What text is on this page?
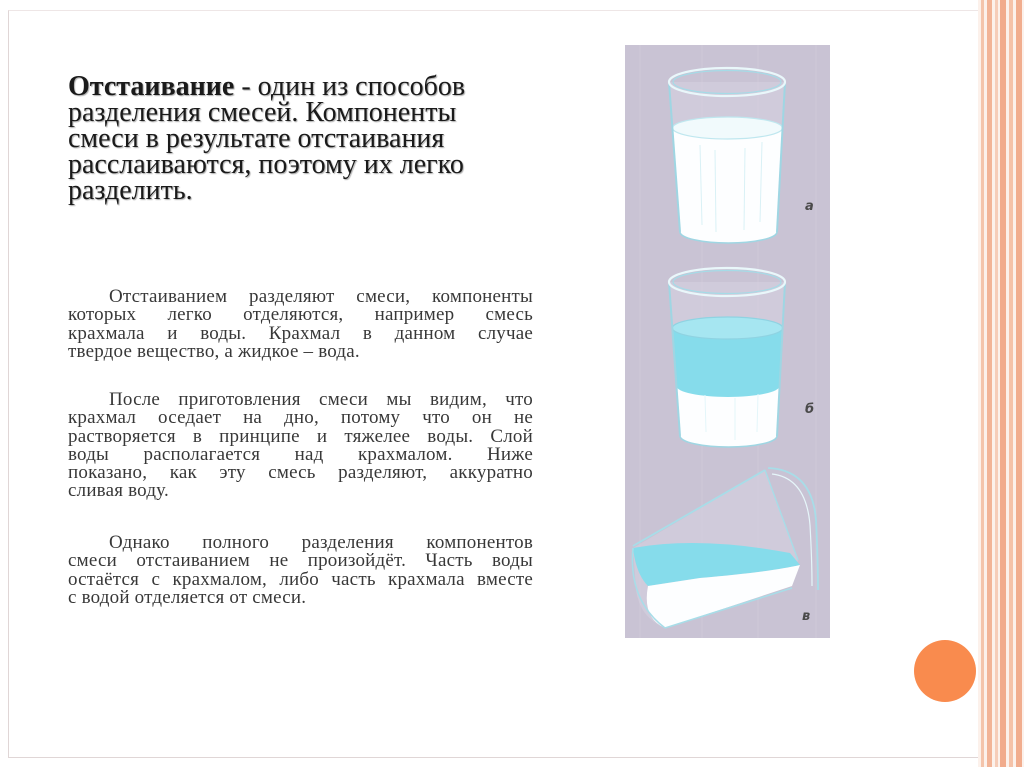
Отстаивание - один из способов
разделения смесей. Компоненты
смеси в результате отстаивания
расслаиваются, поэтому их легко
разделить.
Отстаиванием разделяют смеси, компоненты
которых легко отделяются, например смесь
крахмала и воды. Крахмал в данном случае
твердое вещество, а жидкое – вода.
После приготовления смеси мы видим, что
крахмал оседает на дно, потому что он не
растворяется в принципе и тяжелее воды. Слой
воды располагается над крахмалом. Ниже
показано, как эту смесь разделяют, аккуратно
сливая воду.
Однако полного разделения компонентов
смеси отстаиванием не произойдёт. Часть воды
остаётся с крахмалом, либо часть крахмала вместе
с водой отделяется от смеси.
а
б
в
